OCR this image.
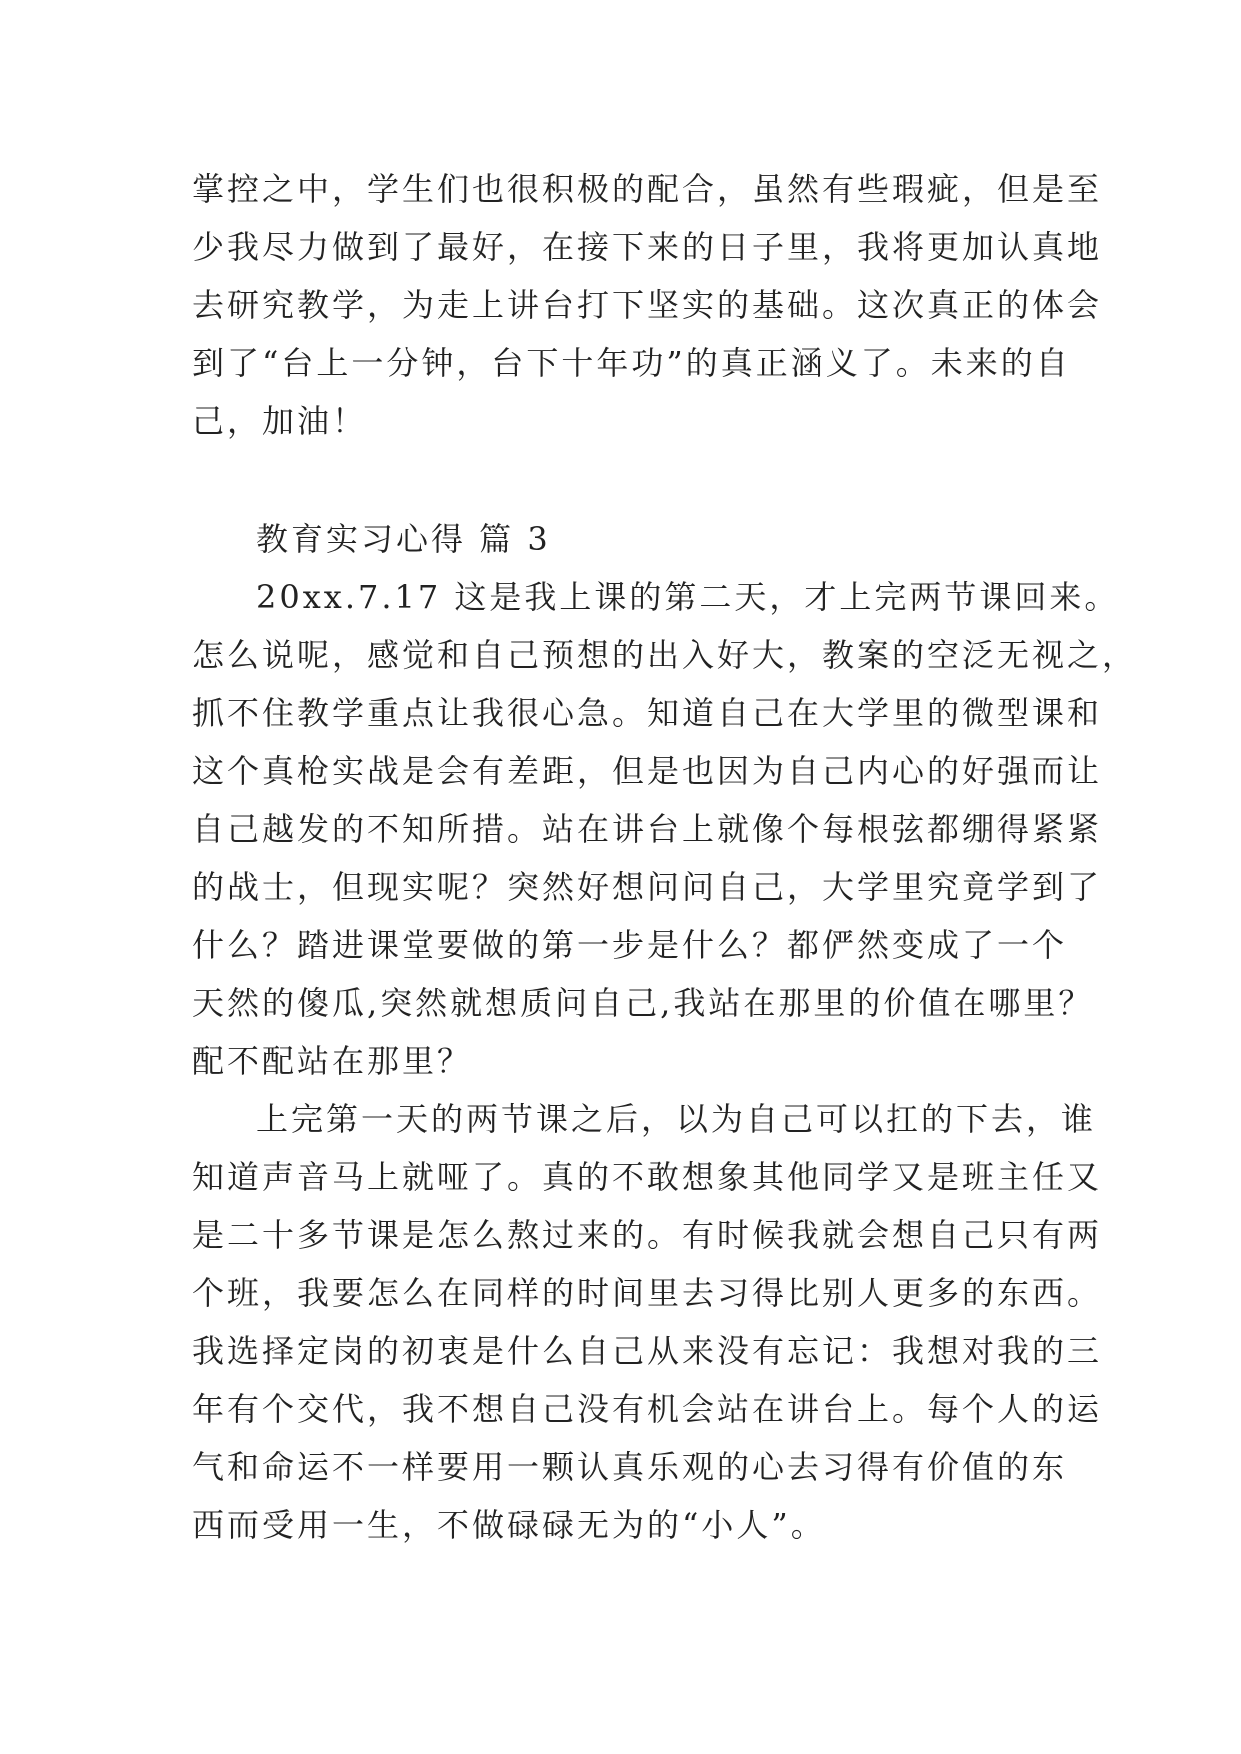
掌控之中，学生们也很积极的配合，虽然有些瑕疵，但是至
少我尽力做到了最好，在接下来的日子里，我将更加认真地
去研究教学，为走上讲台打下坚实的基础。这次真正的体会
到了“台上一分钟，台下十年功”的真正涵义了。未来的自
己，加油！
教育实习心得 篇 3
20xx.7.17 这是我上课的第二天，才上完两节课回来。
怎么说呢，感觉和自己预想的出入好大，教案的空泛无视之，
抓不住教学重点让我很心急。知道自己在大学里的微型课和
这个真枪实战是会有差距，但是也因为自己内心的好强而让
自己越发的不知所措。站在讲台上就像个每根弦都绷得紧紧
的战士，但现实呢？突然好想问问自己，大学里究竟学到了
什么？踏进课堂要做的第一步是什么？都俨然变成了一个
天然的傻瓜,突然就想质问自己,我站在那里的价值在哪里？
配不配站在那里？
上完第一天的两节课之后，以为自己可以扛的下去，谁
知道声音马上就哑了。真的不敢想象其他同学又是班主任又
是二十多节课是怎么熬过来的。有时候我就会想自己只有两
个班，我要怎么在同样的时间里去习得比别人更多的东西。
我选择定岗的初衷是什么自己从来没有忘记：我想对我的三
年有个交代，我不想自己没有机会站在讲台上。每个人的运
气和命运不一样要用一颗认真乐观的心去习得有价值的东
西而受用一生，不做碌碌无为的“小人”。
